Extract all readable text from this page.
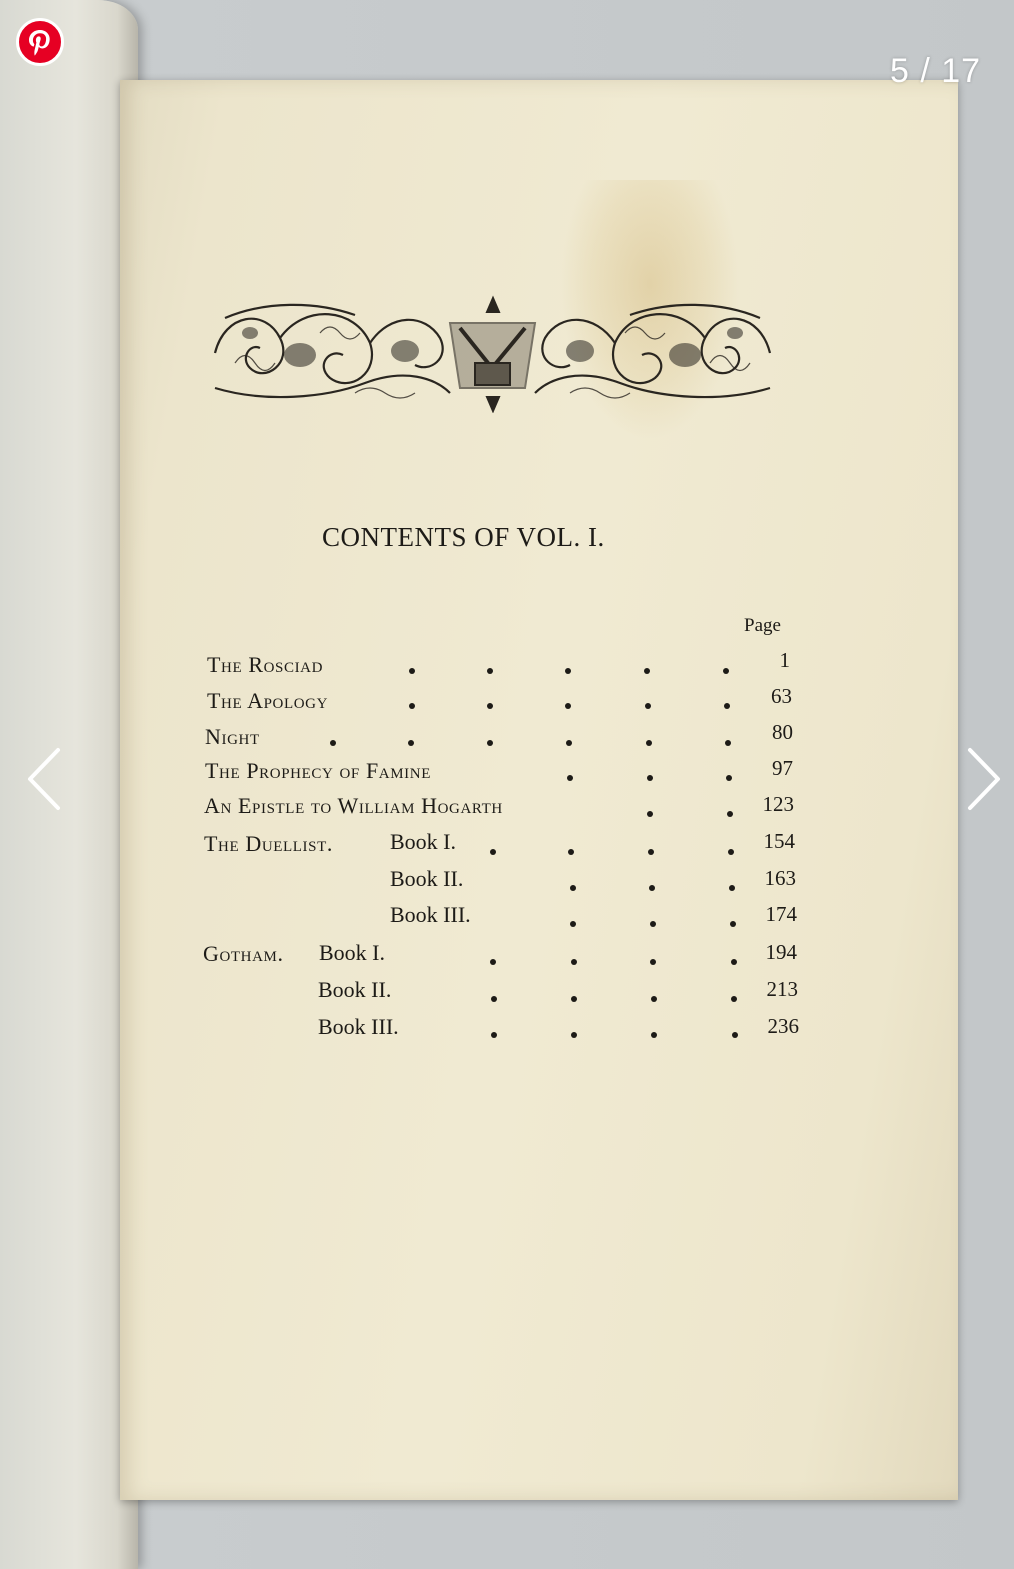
5 / 17
CONTENTS OF VOL. I.
Page
The Rosciad	1
The Apology	63
Night	80
The Prophecy of Famine	97
An Epistle to William Hogarth	123
The Duellist.	Book I.	154
Book II.	163
Book III.	174
Gotham. Book I.	194
Book II.	213
Book III.	236
